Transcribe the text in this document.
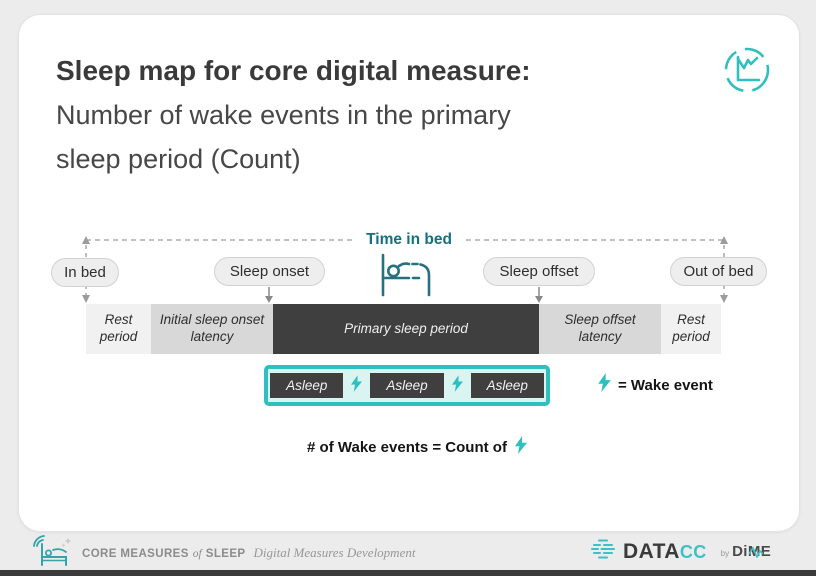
Sleep map for core digital measure:
Number of wake events in the primary
sleep period (Count)
Time in bed
In bed	Sleep onset	Sleep offset	Out of bed
Rest period
Initial sleep onset latency
Primary sleep period
Sleep offset latency
Rest period
Asleep	Asleep	Asleep	= Wake event
# of Wake events = Count of
CORE MEASURES of SLEEP Digital Measures Development	DATA CC by DiME
